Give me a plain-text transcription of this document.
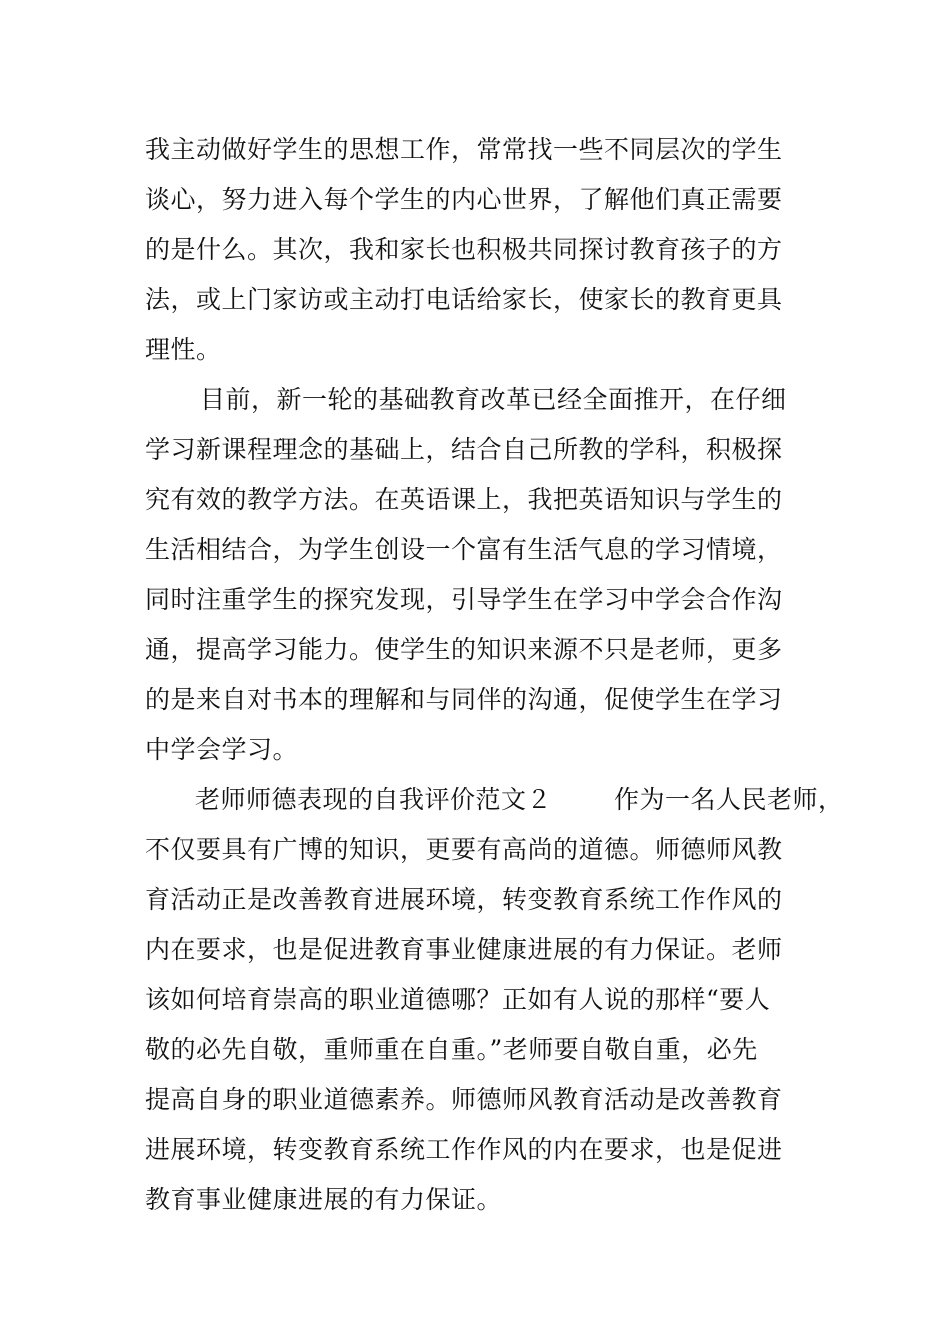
我主动做好学生的思想工作，常常找一些不同层次的学生
谈心，努力进入每个学生的内心世界，了解他们真正需要
的是什么。其次，我和家长也积极共同探讨教育孩子的方
法，或上门家访或主动打电话给家长，使家长的教育更具
理性。
目前，新一轮的基础教育改革已经全面推开，在仔细
学习新课程理念的基础上，结合自己所教的学科，积极探
究有效的教学方法。在英语课上，我把英语知识与学生的
生活相结合，为学生创设一个富有生活气息的学习情境，
同时注重学生的探究发现，引导学生在学习中学会合作沟
通，提高学习能力。使学生的知识来源不只是老师，更多
的是来自对书本的理解和与同伴的沟通，促使学生在学习
中学会学习。
老师师德表现的自我评价范文２ 作为一名人民老师，
不仅要具有广博的知识，更要有高尚的道德。师德师风教
育活动正是改善教育进展环境，转变教育系统工作作风的
内在要求，也是促进教育事业健康进展的有力保证。老师
该如何培育崇高的职业道德哪？正如有人说的那样“要人
敬的必先自敬，重师重在自重。”老师要自敬自重，必先
提高自身的职业道德素养。师德师风教育活动是改善教育
进展环境，转变教育系统工作作风的内在要求，也是促进
教育事业健康进展的有力保证。
